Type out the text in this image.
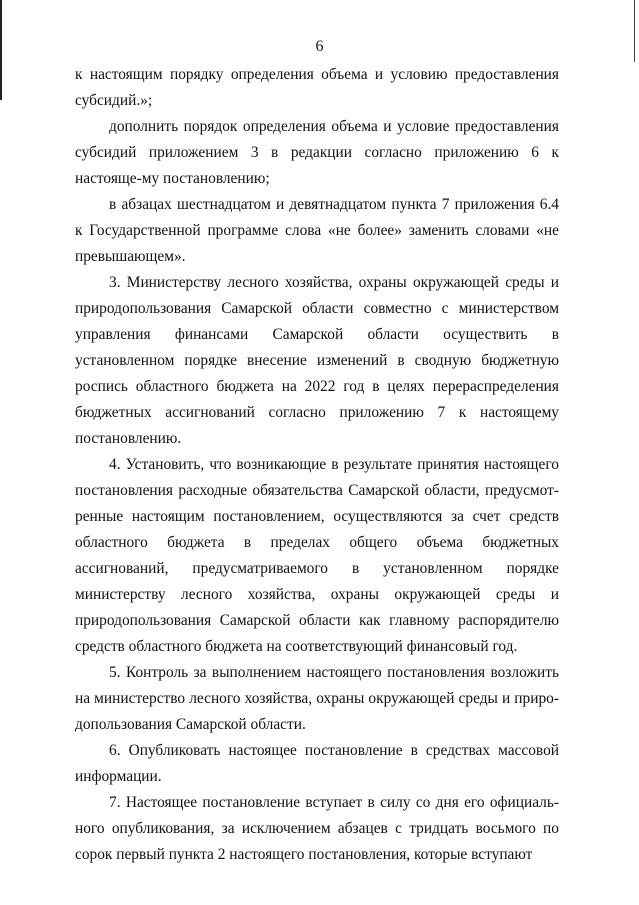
6

к настоящим порядку определения объема и условию предоставления субсидий.»;

дополнить порядок определения объема и условие предоставления субсидий приложением 3 в редакции согласно приложению 6 к настояще-му постановлению;

в абзацах шестнадцатом и девятнадцатом пункта 7 приложения 6.4 к Государственной программе слова «не более» заменить словами «не превышающем».

3. Министерству лесного хозяйства, охраны окружающей среды и природопользования Самарской области совместно с министерством управления финансами Самарской области осуществить в установленном порядке внесение изменений в сводную бюджетную роспись областного бюджета на 2022 год в целях перераспределения бюджетных ассигнований согласно приложению 7 к настоящему постановлению.

4. Установить, что возникающие в результате принятия настоящего постановления расходные обязательства Самарской области, предусмот-ренные настоящим постановлением, осуществляются за счет средств областного бюджета в пределах общего объема бюджетных ассигнований, предусматриваемого в установленном порядке министерству лесного хозяйства, охраны окружающей среды и природопользования Самарской области как главному распорядителю средств областного бюджета на соответствующий финансовый год.

5. Контроль за выполнением настоящего постановления возложить на министерство лесного хозяйства, охраны окружающей среды и приро-допользования Самарской области.

6. Опубликовать настоящее постановление в средствах массовой информации.

7. Настоящее постановление вступает в силу со дня его официаль-ного опубликования, за исключением абзацев с тридцать восьмого по сорок первый пункта 2 настоящего постановления, которые вступают
